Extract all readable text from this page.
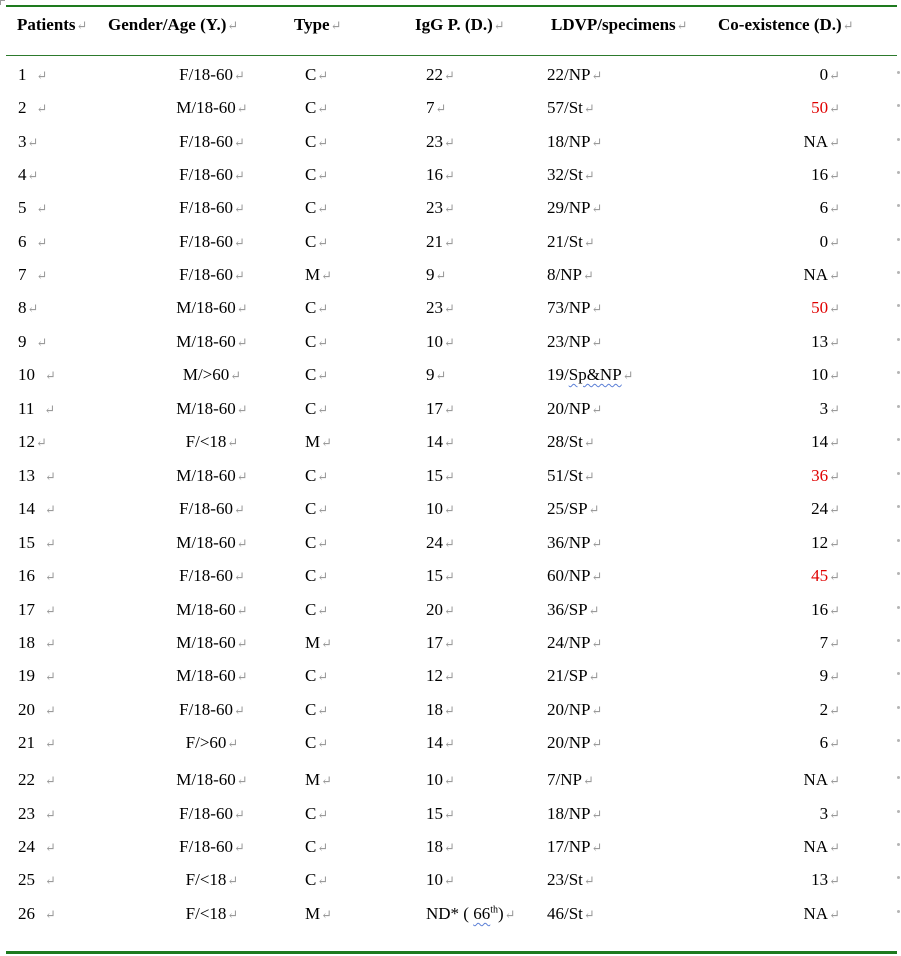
Patients↵ Gender/Age (Y.)↵	Type↵	IgG P. (D.)↵	LDVP/specimens↵ Co-existence (D.)↵
1 ↵	F/18-60↵	C↵	22↵	22/NP↵	0↵
2 ↵	M/18-60↵	C↵	7↵	57/St↵	50↵
3↵	F/18-60↵	C↵	23↵	18/NP↵	NA↵
4↵	F/18-60↵	C↵	16↵	32/St↵	16↵
5 ↵	F/18-60↵	C↵	23↵	29/NP↵	6↵
6 ↵	F/18-60↵	C↵	21↵	21/St↵	0↵
7 ↵	F/18-60↵	M↵	9↵	8/NP↵	NA↵
8↵	M/18-60↵	C↵	23↵	73/NP↵	50↵
9 ↵	M/18-60↵	C↵	10↵	23/NP↵	13↵
10 ↵	M/>60↵	C↵	9↵	19/Sp&NP↵	10↵
11 ↵	M/18-60↵	C↵	17↵	20/NP↵	3↵
12↵	F/<18↵	M↵	14↵	28/St↵	14↵
13 ↵	M/18-60↵	C↵	15↵	51/St↵	36↵
14 ↵	F/18-60↵	C↵	10↵	25/SP↵	24↵
15 ↵	M/18-60↵	C↵	24↵	36/NP↵	12↵
16 ↵	F/18-60↵	C↵	15↵	60/NP↵	45↵
17 ↵	M/18-60↵	C↵	20↵	36/SP↵	16↵
18 ↵	M/18-60↵	M↵	17↵	24/NP↵	7↵
19 ↵	M/18-60↵	C↵	12↵	21/SP↵	9↵
20 ↵	F/18-60↵	C↵	18↵	20/NP↵	2↵
21 ↵	F/>60↵	C↵	14↵	20/NP↵	6↵
22 ↵	M/18-60↵	M↵	10↵	7/NP↵	NA↵
23 ↵	F/18-60↵	C↵	15↵	18/NP↵	3↵
24 ↵	F/18-60↵	C↵	18↵	17/NP↵	NA↵
25 ↵	F/<18↵	C↵	10↵	23/St↵	13↵
26 ↵	F/<18↵	M↵	ND* ( 66th)↵ 46/St↵	NA↵
